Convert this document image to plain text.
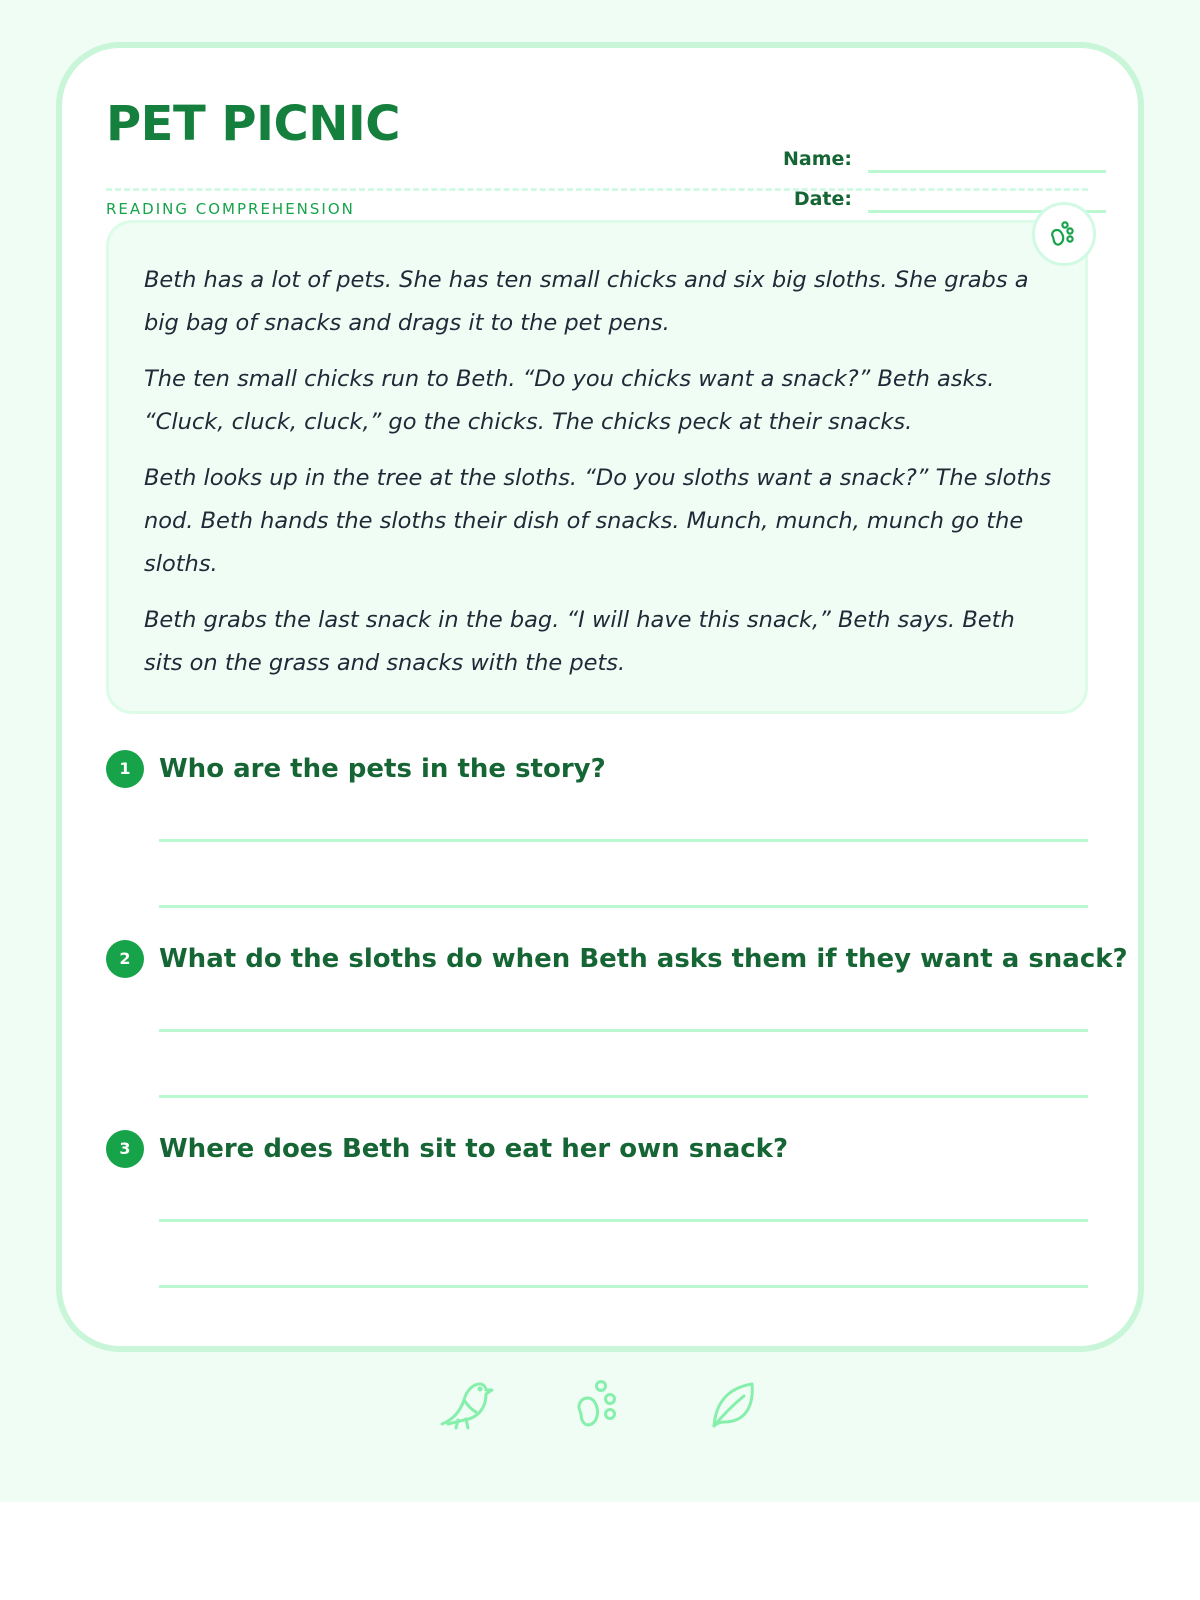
PET PICNIC
READING COMPREHENSION
Name:
Date:

Beth has a lot of pets. She has ten small chicks and six big sloths. She grabs a big bag of snacks and drags it to the pet pens.

The ten small chicks run to Beth. “Do you chicks want a snack?” Beth asks. “Cluck, cluck, cluck,” go the chicks. The chicks peck at their snacks.

Beth looks up in the tree at the sloths. “Do you sloths want a snack?” The sloths nod. Beth hands the sloths their dish of snacks. Munch, munch, munch go the sloths.

Beth grabs the last snack in the bag. “I will have this snack,” Beth says. Beth sits on the grass and snacks with the pets.

1	Who are the pets in the story?
2	What do the sloths do when Beth asks them if they want a snack?
3	Where does Beth sit to eat her own snack?
